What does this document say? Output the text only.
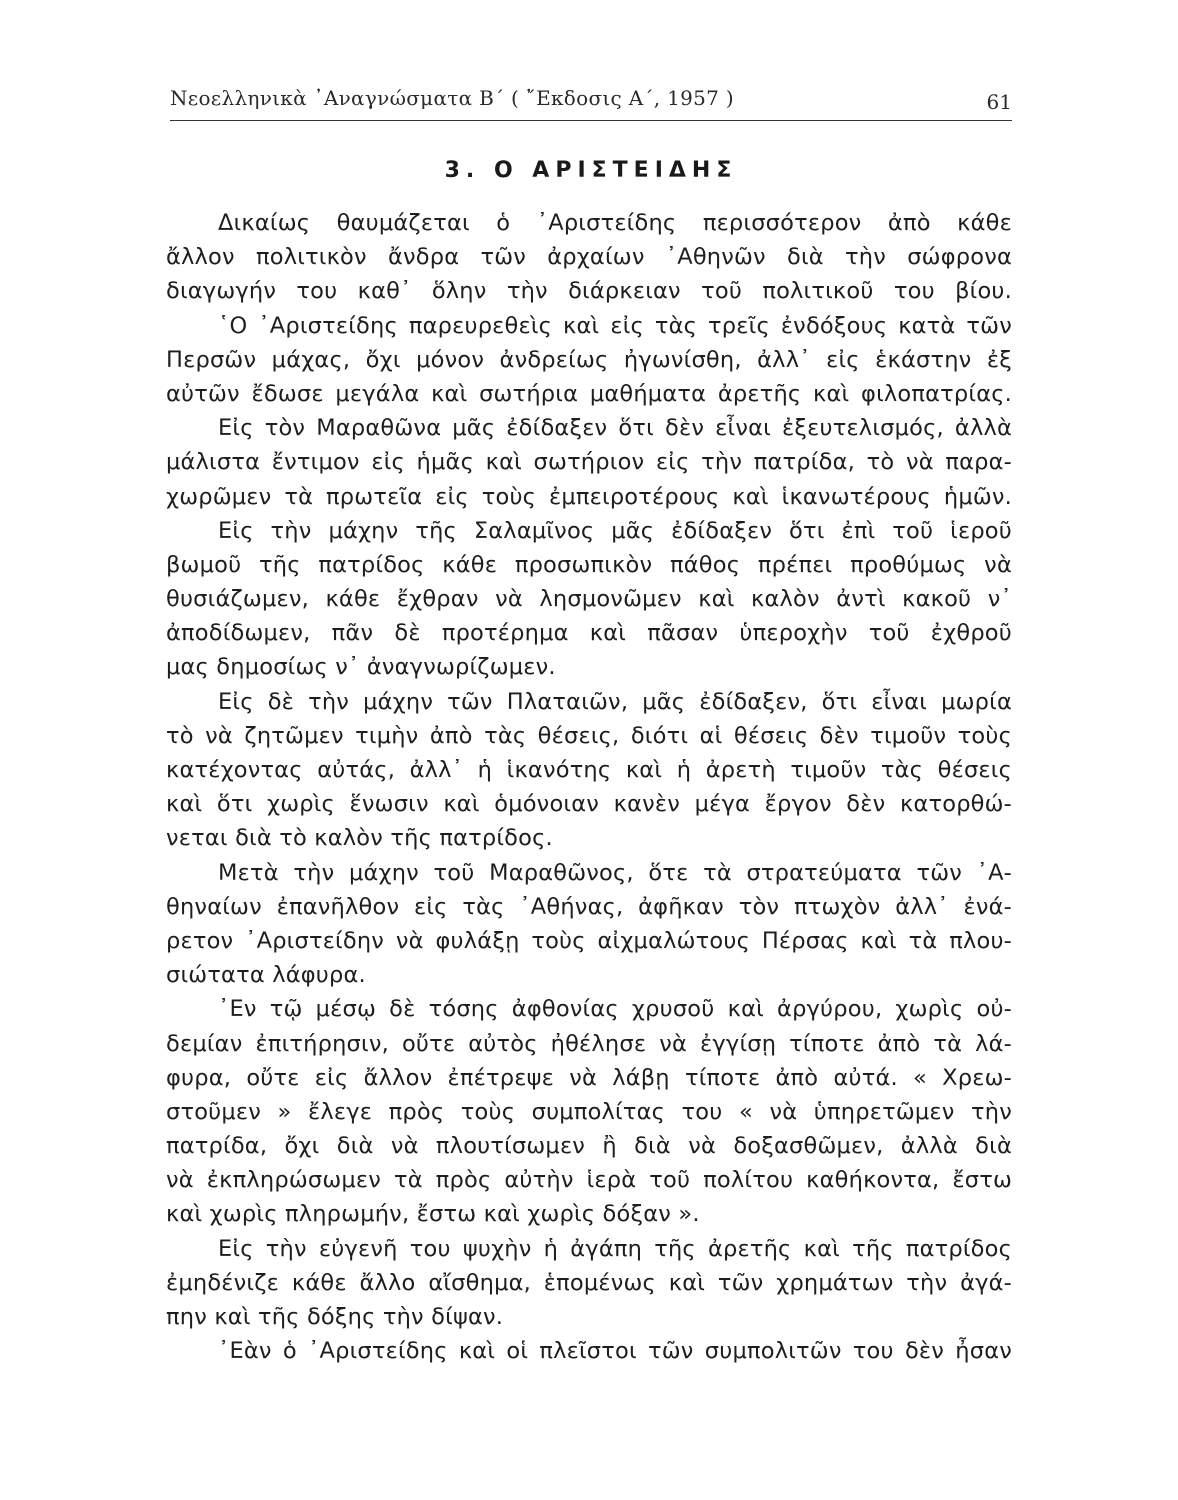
Νεοελληνικὰ ᾿Αναγνώσματα Β΄ ( ῎Εκδοσις Α΄, 1957 )	61
3. Ο ΑΡΙΣΤΕΙΔΗΣ
Δικαίως θαυμάζεται ὁ ᾿Αριστείδης περισσότερον ἀπὸ κάθε
ἄλλον πολιτικὸν ἄνδρα τῶν ἀρχαίων ᾿Αθηνῶν διὰ τὴν σώφρονα
διαγωγήν του καθ᾿ ὅλην τὴν διάρκειαν τοῦ πολιτικοῦ του βίου.
῾Ο ᾿Αριστείδης παρευρεθεὶς καὶ εἰς τὰς τρεῖς ἐνδόξους κατὰ τῶν
Περσῶν μάχας, ὄχι μόνον ἀνδρείως ἠγωνίσθη, ἀλλ᾿ εἰς ἑκάστην ἐξ
αὐτῶν ἔδωσε μεγάλα καὶ σωτήρια μαθήματα ἀρετῆς καὶ φιλοπατρίας.
Εἰς τὸν Μαραθῶνα μᾶς ἐδίδαξεν ὅτι δὲν εἶναι ἐξευτελισμός, ἀλλὰ
μάλιστα ἔντιμον εἰς ἡμᾶς καὶ σωτήριον εἰς τὴν πατρίδα, τὸ νὰ παρα-
χωρῶμεν τὰ πρωτεῖα εἰς τοὺς ἐμπειροτέρους καὶ ἱκανωτέρους ἡμῶν.
Εἰς τὴν μάχην τῆς Σαλαμῖνος μᾶς ἐδίδαξεν ὅτι ἐπὶ τοῦ ἱεροῦ
βωμοῦ τῆς πατρίδος κάθε προσωπικὸν πάθος πρέπει προθύμως νὰ
θυσιάζωμεν, κάθε ἔχθραν νὰ λησμονῶμεν καὶ καλὸν ἀντὶ κακοῦ ν᾿
ἀποδίδωμεν, πᾶν δὲ προτέρημα καὶ πᾶσαν ὑπεροχὴν τοῦ ἐχθροῦ
μας δημοσίως ν᾿ ἀναγνωρίζωμεν.
Εἰς δὲ τὴν μάχην τῶν Πλαταιῶν, μᾶς ἐδίδαξεν, ὅτι εἶναι μωρία
τὸ νὰ ζητῶμεν τιμὴν ἀπὸ τὰς θέσεις, διότι αἱ θέσεις δὲν τιμοῦν τοὺς
κατέχοντας αὐτάς, ἀλλ᾿ ἡ ἱκανότης καὶ ἡ ἀρετὴ τιμοῦν τὰς θέσεις
καὶ ὅτι χωρὶς ἕνωσιν καὶ ὁμόνοιαν κανὲν μέγα ἔργον δὲν κατορθώ-
νεται διὰ τὸ καλὸν τῆς πατρίδος.
Μετὰ τὴν μάχην τοῦ Μαραθῶνος, ὅτε τὰ στρατεύματα τῶν ᾿Α-
θηναίων ἐπανῆλθον εἰς τὰς ᾿Αθήνας, ἀφῆκαν τὸν πτωχὸν ἀλλ᾿ ἐνά-
ρετον ᾿Αριστείδην νὰ φυλάξῃ τοὺς αἰχμαλώτους Πέρσας καὶ τὰ πλου-
σιώτατα λάφυρα.
᾿Εν τῷ μέσῳ δὲ τόσης ἀφθονίας χρυσοῦ καὶ ἀργύρου, χωρὶς οὐ-
δεμίαν ἐπιτήρησιν, οὔτε αὐτὸς ἠθέλησε νὰ ἐγγίσῃ τίποτε ἀπὸ τὰ λά-
φυρα, οὔτε εἰς ἄλλον ἐπέτρεψε νὰ λάβῃ τίποτε ἀπὸ αὐτά. « Χρεω-
στοῦμεν » ἔλεγε πρὸς τοὺς συμπολίτας του « νὰ ὑπηρετῶμεν τὴν
πατρίδα, ὄχι διὰ νὰ πλουτίσωμεν ἢ διὰ νὰ δοξασθῶμεν, ἀλλὰ διὰ
νὰ ἐκπληρώσωμεν τὰ πρὸς αὐτὴν ἱερὰ τοῦ πολίτου καθήκοντα, ἔστω
καὶ χωρὶς πληρωμήν, ἔστω καὶ χωρὶς δόξαν ».
Εἰς τὴν εὐγενῆ του ψυχὴν ἡ ἀγάπη τῆς ἀρετῆς καὶ τῆς πατρίδος
ἐμηδένιζε κάθε ἄλλο αἴσθημα, ἑπομένως καὶ τῶν χρημάτων τὴν ἀγά-
πην καὶ τῆς δόξης τὴν δίψαν.
᾿Εὰν ὁ ᾿Αριστείδης καὶ οἱ πλεῖστοι τῶν συμπολιτῶν του δὲν ἦσαν
